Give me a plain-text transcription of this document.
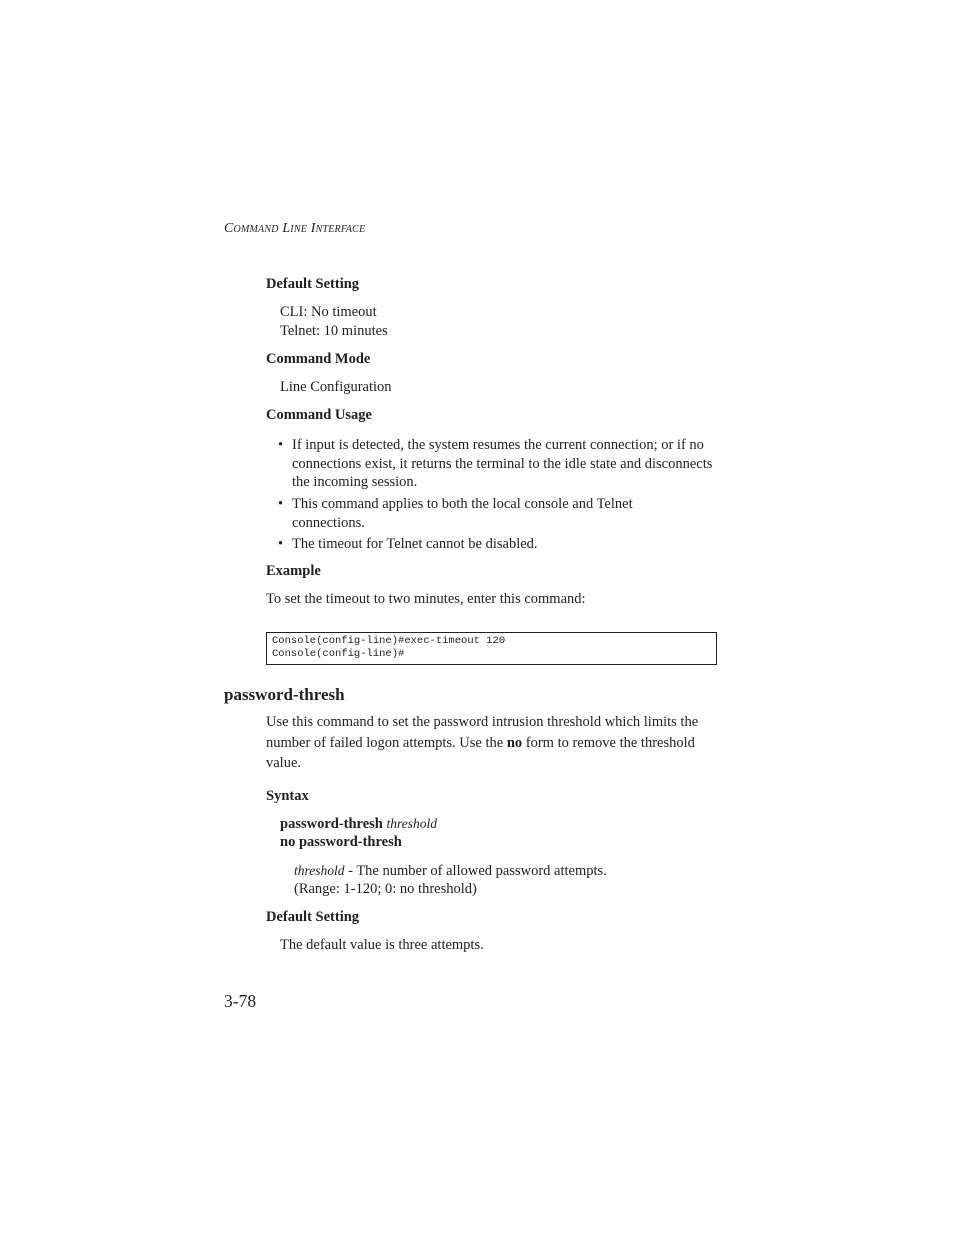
Command Line Interface
Default Setting
CLI: No timeout
Telnet: 10 minutes
Command Mode
Line Configuration
Command Usage
• If input is detected, the system resumes the current connection; or if no connections exist, it returns the terminal to the idle state and disconnects the incoming session.
• This command applies to both the local console and Telnet connections.
• The timeout for Telnet cannot be disabled.
Example
To set the timeout to two minutes, enter this command:
Console(config-line)#exec-timeout 120
Console(config-line)#
password-thresh

Use this command to set the password intrusion threshold which limits the number of failed logon attempts. Use the no form to remove the threshold value.

Syntax
password-thresh threshold
no password-thresh
threshold - The number of allowed password attempts.
(Range: 1-120; 0: no threshold)
Default Setting
The default value is three attempts.
3-78
